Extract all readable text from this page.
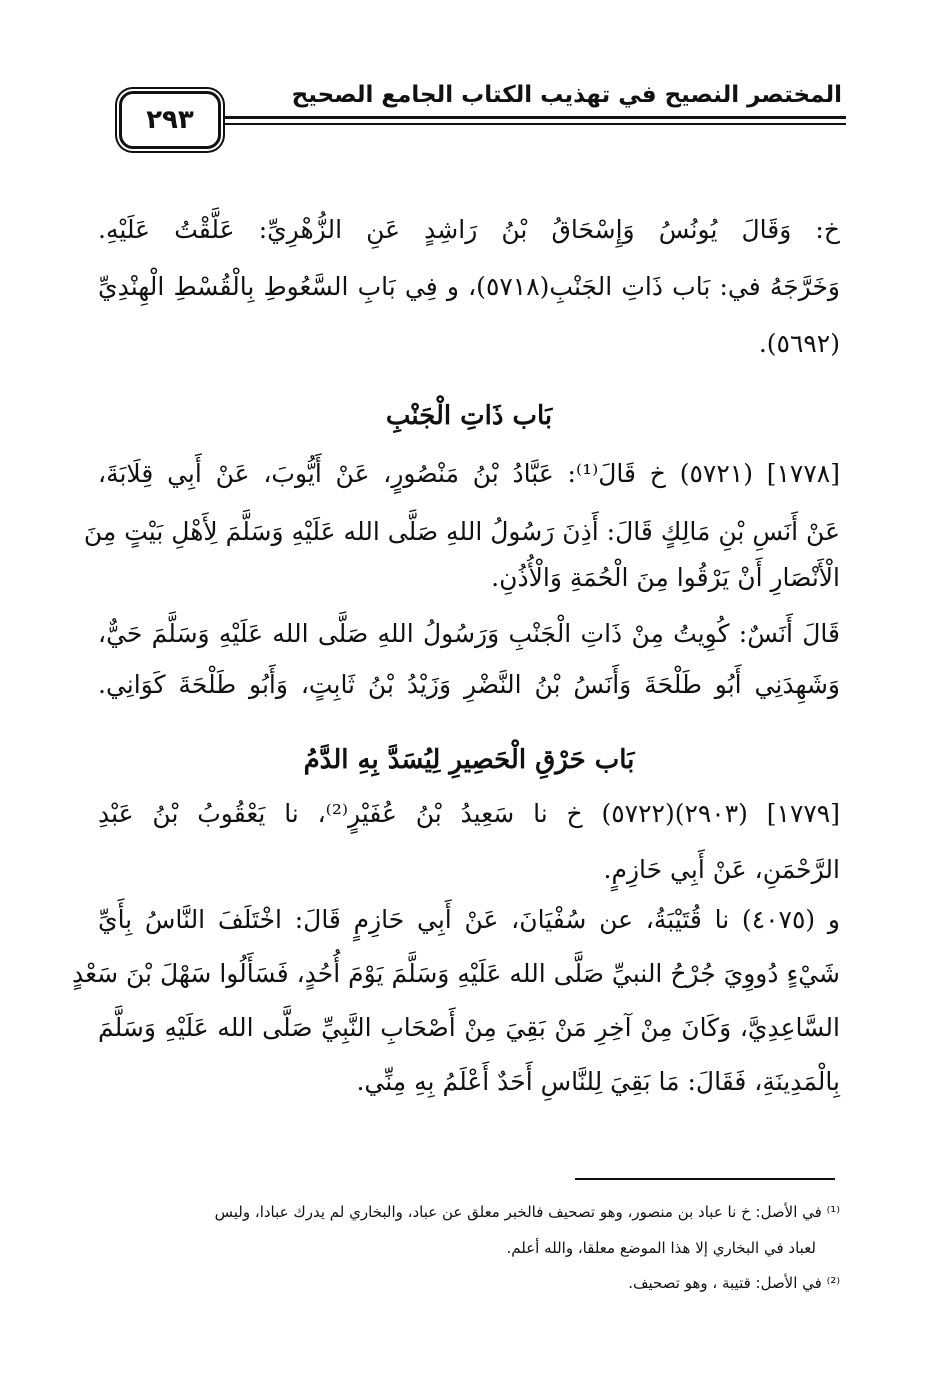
المختصر النصيح في تهذيب الكتاب الجامع الصحيح
٢٩٣
خ: وَقَالَ يُونُسُ وَإِسْحَاقُ بْنُ رَاشِدٍ عَنِ الزُّهْرِيِّ: عَلَّقْتُ عَلَيْهِ.
وَخَرَّجَهُ في: بَاب ذَاتِ الجَنْبِ(٥٧١٨)، و فِي بَابِ السَّعُوطِ بِالْقُسْطِ الْهِنْدِيِّ
(٥٦٩٢).
بَاب ذَاتِ الْجَنْبِ
[١٧٧٨] (٥٧٢١) خ قَالَ⁽¹⁾: عَبَّادُ بْنُ مَنْصُورٍ، عَنْ أَيُّوبَ، عَنْ أَبِي قِلَابَةَ،
عَنْ أَنَسِ بْنِ مَالِكٍ قَالَ: أَذِنَ رَسُولُ اللهِ صَلَّى الله عَلَيْهِ وَسَلَّمَ لِأَهْلِ بَيْتٍ مِنَ
الْأَنْصَارِ أَنْ يَرْقُوا مِنَ الْحُمَةِ وَالْأُذُنِ.
قَالَ أَنَسٌ: كُوِيتُ مِنْ ذَاتِ الْجَنْبِ وَرَسُولُ اللهِ صَلَّى الله عَلَيْهِ وَسَلَّمَ حَيٌّ،
وَشَهِدَنِي أَبُو طَلْحَةَ وَأَنَسُ بْنُ النَّضْرِ وَزَيْدُ بْنُ ثَابِتٍ، وَأَبُو طَلْحَةَ كَوَانِي.
بَاب حَرْقِ الْحَصِيرِ لِيُسَدَّ بِهِ الدَّمُ
[١٧٧٩] (٢٩٠٣)(٥٧٢٢) خ نا سَعِيدُ بْنُ عُفَيْرٍ⁽²⁾، نا يَعْقُوبُ بْنُ عَبْدِ
الرَّحْمَنِ، عَنْ أَبِي حَازِمٍ.
و (٤٠٧٥) نا قُتَيْبَةُ، عن سُفْيَانَ، عَنْ أَبِي حَازِمٍ قَالَ: اخْتَلَفَ النَّاسُ بِأَيِّ
شَيْءٍ دُووِيَ جُرْحُ النبيِّ صَلَّى الله عَلَيْهِ وَسَلَّمَ يَوْمَ أُحُدٍ، فَسَأَلُوا سَهْلَ بْنَ سَعْدٍ
السَّاعِدِيَّ، وَكَانَ مِنْ آخِرِ مَنْ بَقِيَ مِنْ أَصْحَابِ النَّبِيِّ صَلَّى الله عَلَيْهِ وَسَلَّمَ
بِالْمَدِينَةِ، فَقَالَ: مَا بَقِيَ لِلنَّاسِ أَحَدٌ أَعْلَمُ بِهِ مِنِّي.
⁽¹⁾ في الأصل: خ نا عباد بن منصور، وهو تصحيف فالخبر معلق عن عباد، والبخاري لم يدرك عبادا، وليس
لعباد في البخاري إلا هذا الموضع معلقا، والله أعلم.
⁽²⁾ في الأصل: قتيبة ، وهو تصحيف.
